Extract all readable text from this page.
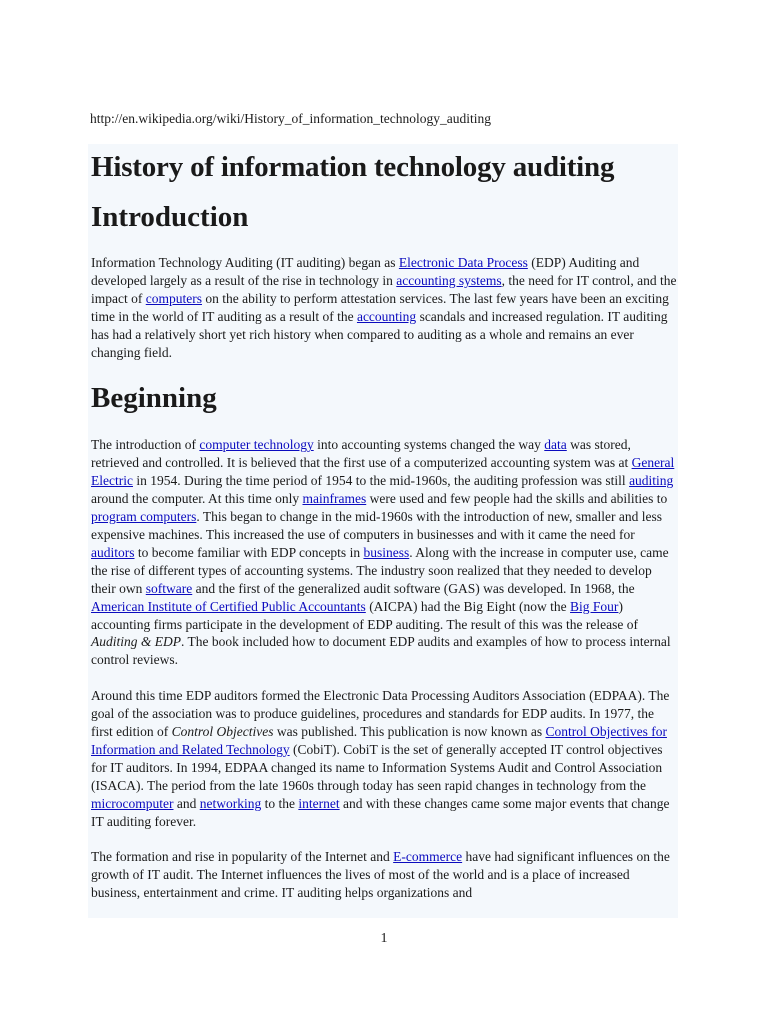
http://en.wikipedia.org/wiki/History_of_information_technology_auditing
History of information technology auditing
Introduction

Information Technology Auditing (IT auditing) began as Electronic Data Process (EDP) Auditing and developed largely as a result of the rise in technology in accounting systems, the need for IT control, and the impact of computers on the ability to perform attestation services. The last few years have been an exciting time in the world of IT auditing as a result of the accounting scandals and increased regulation. IT auditing has had a relatively short yet rich history when compared to auditing as a whole and remains an ever changing field.

Beginning

The introduction of computer technology into accounting systems changed the way data was stored, retrieved and controlled. It is believed that the first use of a computerized accounting system was at General Electric in 1954. During the time period of 1954 to the mid-1960s, the auditing profession was still auditing around the computer. At this time only mainframes were used and few people had the skills and abilities to program computers. This began to change in the mid-1960s with the introduction of new, smaller and less expensive machines. This increased the use of computers in businesses and with it came the need for auditors to become familiar with EDP concepts in business. Along with the increase in computer use, came the rise of different types of accounting systems. The industry soon realized that they needed to develop their own software and the first of the generalized audit software (GAS) was developed. In 1968, the American Institute of Certified Public Accountants (AICPA) had the Big Eight (now the Big Four) accounting firms participate in the development of EDP auditing. The result of this was the release of Auditing & EDP. The book included how to document EDP audits and examples of how to process internal control reviews.

Around this time EDP auditors formed the Electronic Data Processing Auditors Association (EDPAA). The goal of the association was to produce guidelines, procedures and standards for EDP audits. In 1977, the first edition of Control Objectives was published. This publication is now known as Control Objectives for Information and Related Technology (CobiT). CobiT is the set of generally accepted IT control objectives for IT auditors. In 1994, EDPAA changed its name to Information Systems Audit and Control Association (ISACA). The period from the late 1960s through today has seen rapid changes in technology from the microcomputer and networking to the internet and with these changes came some major events that change IT auditing forever.

The formation and rise in popularity of the Internet and E-commerce have had significant influences on the growth of IT audit. The Internet influences the lives of most of the world and is a place of increased business, entertainment and crime. IT auditing helps organizations and

1
